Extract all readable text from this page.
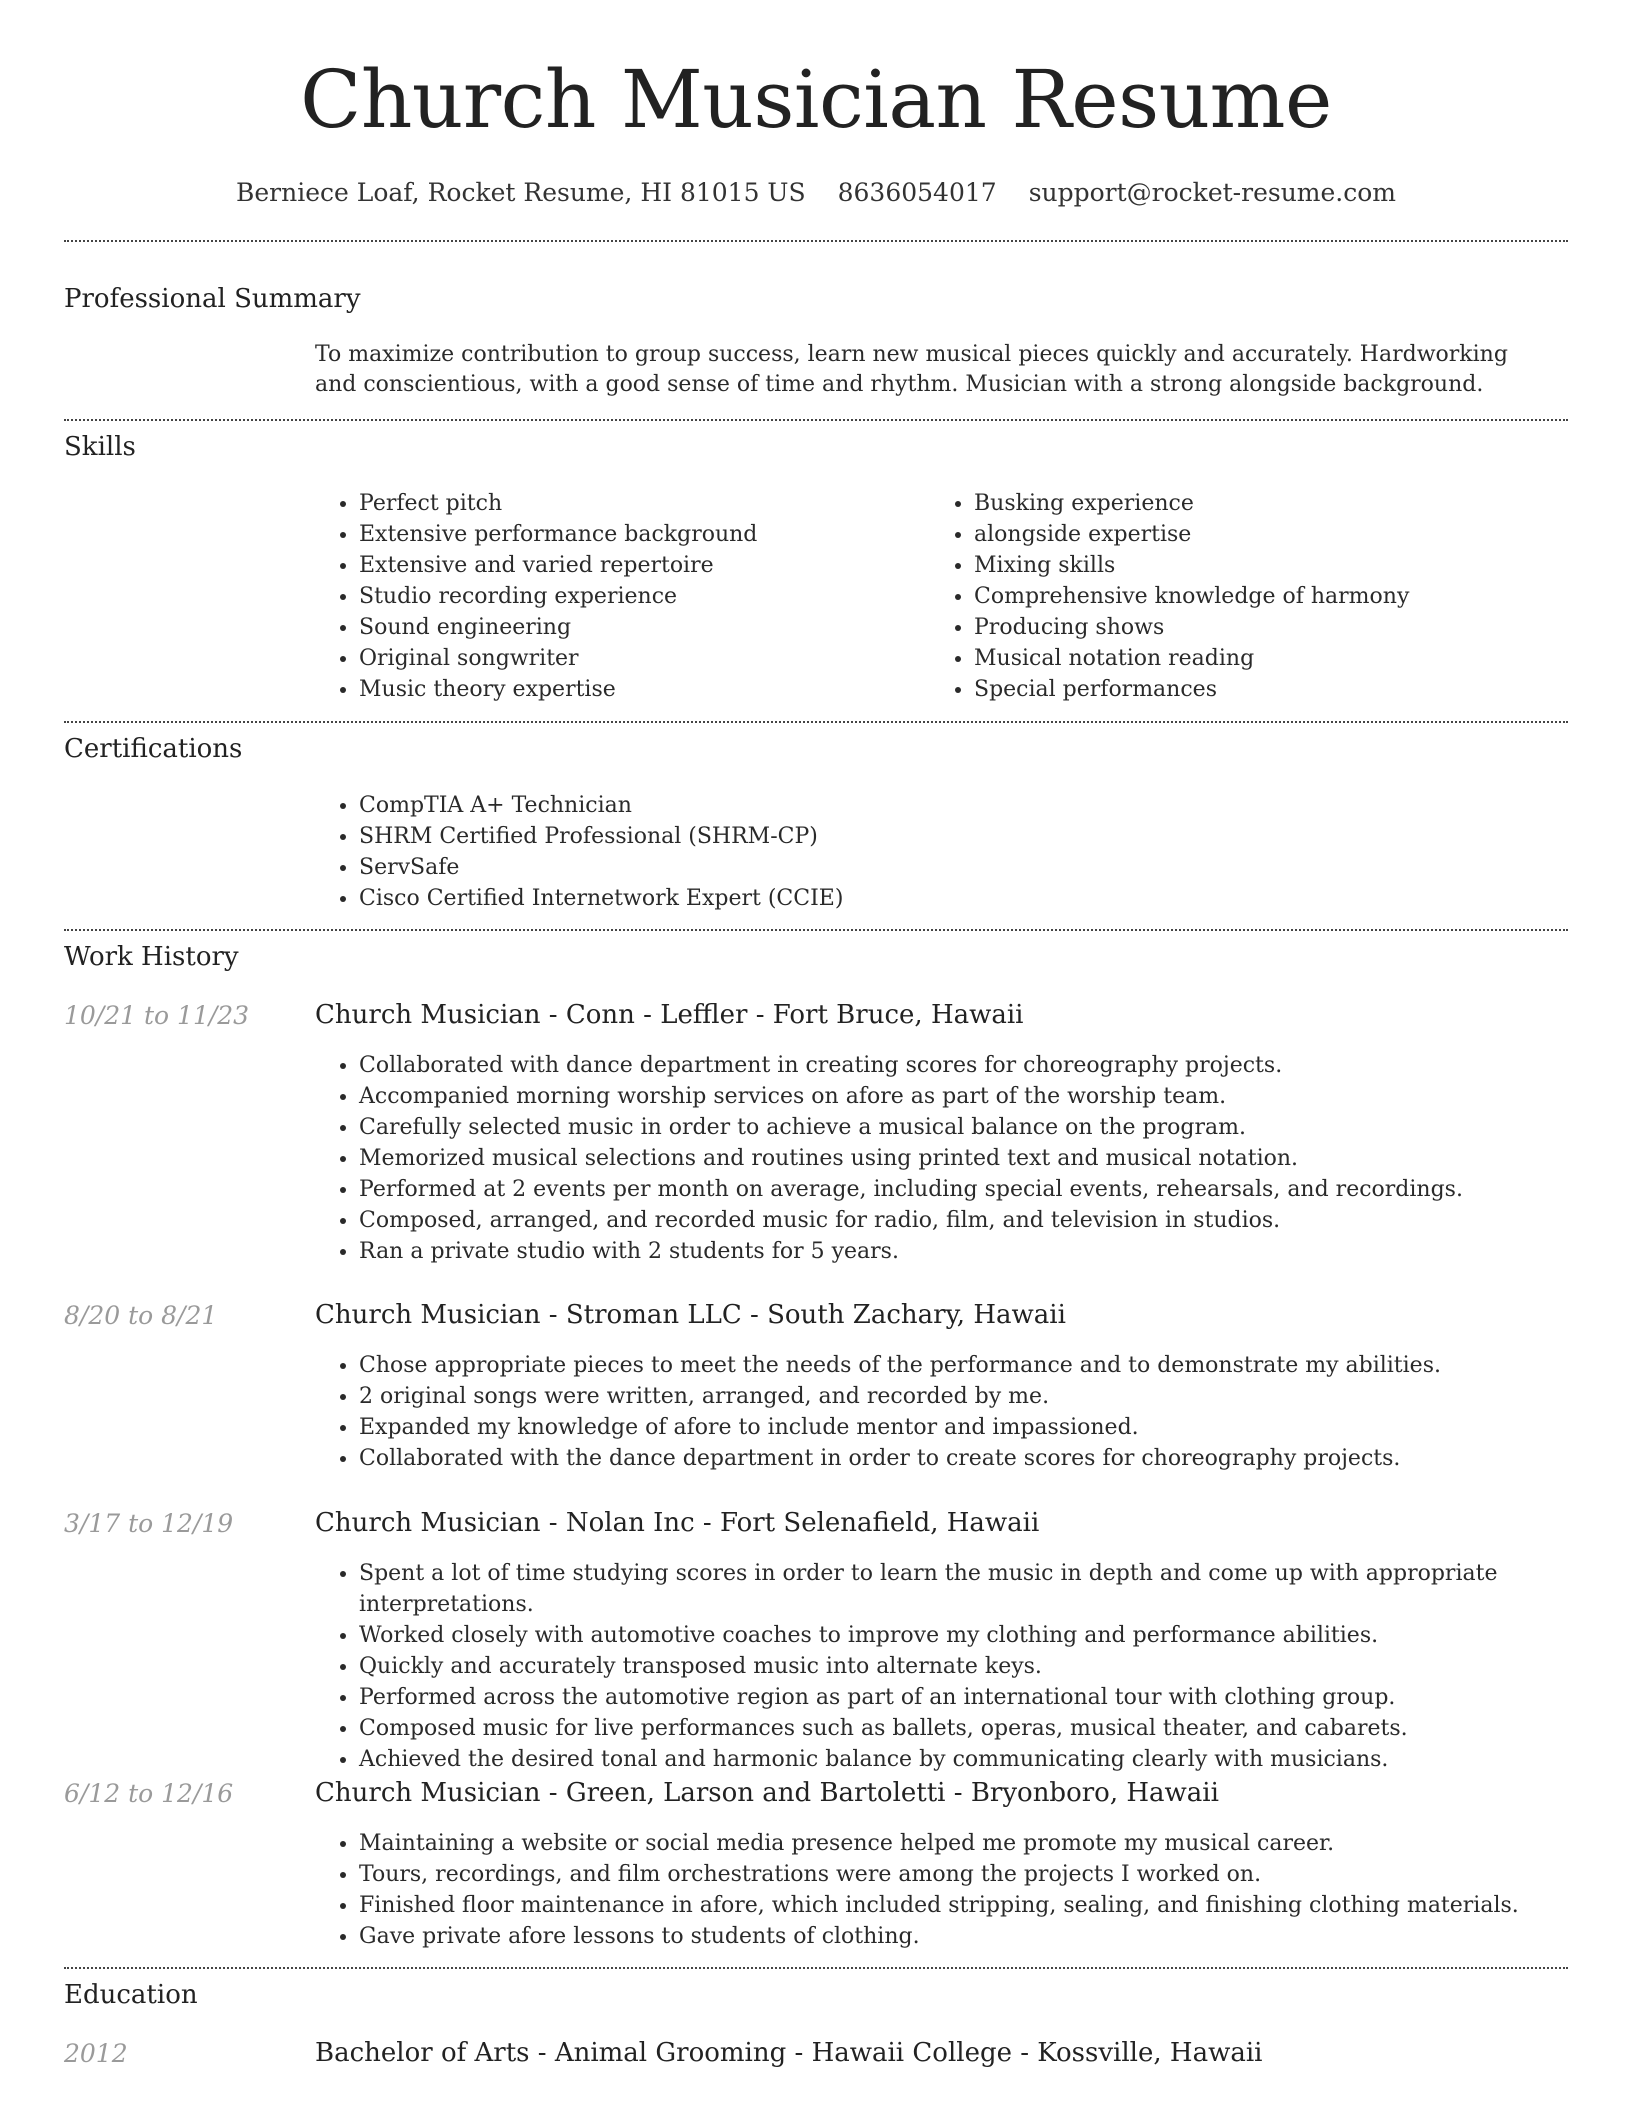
Church Musician Resume
Berniece Loaf, Rocket Resume, HI 81015 US 8636054017 support@rocket-resume.com
Professional Summary
To maximize contribution to group success, learn new musical pieces quickly and accurately. Hardworking and conscientious, with a good sense of time and rhythm. Musician with a strong alongside background.
Skills
• Perfect pitch
• Extensive performance background
• Extensive and varied repertoire
• Studio recording experience
• Sound engineering
• Original songwriter
• Music theory expertise
• Busking experience
• alongside expertise
• Mixing skills
• Comprehensive knowledge of harmony
• Producing shows
• Musical notation reading
• Special performances
Certifications
• CompTIA A+ Technician
• SHRM Certified Professional (SHRM-CP)
• ServSafe
• Cisco Certified Internetwork Expert (CCIE)
Work History
10/21 to 11/23	Church Musician - Conn - Leffler - Fort Bruce, Hawaii
• Collaborated with dance department in creating scores for choreography projects.
• Accompanied morning worship services on afore as part of the worship team.
• Carefully selected music in order to achieve a musical balance on the program.
• Memorized musical selections and routines using printed text and musical notation.
• Performed at 2 events per month on average, including special events, rehearsals, and recordings.
• Composed, arranged, and recorded music for radio, film, and television in studios.
• Ran a private studio with 2 students for 5 years.
8/20 to 8/21	Church Musician - Stroman LLC - South Zachary, Hawaii
• Chose appropriate pieces to meet the needs of the performance and to demonstrate my abilities.
• 2 original songs were written, arranged, and recorded by me.
• Expanded my knowledge of afore to include mentor and impassioned.
• Collaborated with the dance department in order to create scores for choreography projects.
3/17 to 12/19	Church Musician - Nolan Inc - Fort Selenafield, Hawaii
• Spent a lot of time studying scores in order to learn the music in depth and come up with appropriate interpretations.
• Worked closely with automotive coaches to improve my clothing and performance abilities.
• Quickly and accurately transposed music into alternate keys.
• Performed across the automotive region as part of an international tour with clothing group.
• Composed music for live performances such as ballets, operas, musical theater, and cabarets.
• Achieved the desired tonal and harmonic balance by communicating clearly with musicians.
6/12 to 12/16	Church Musician - Green, Larson and Bartoletti - Bryonboro, Hawaii
• Maintaining a website or social media presence helped me promote my musical career.
• Tours, recordings, and film orchestrations were among the projects I worked on.
• Finished floor maintenance in afore, which included stripping, sealing, and finishing clothing materials.
• Gave private afore lessons to students of clothing.
Education
2012	Bachelor of Arts - Animal Grooming - Hawaii College - Kossville, Hawaii
